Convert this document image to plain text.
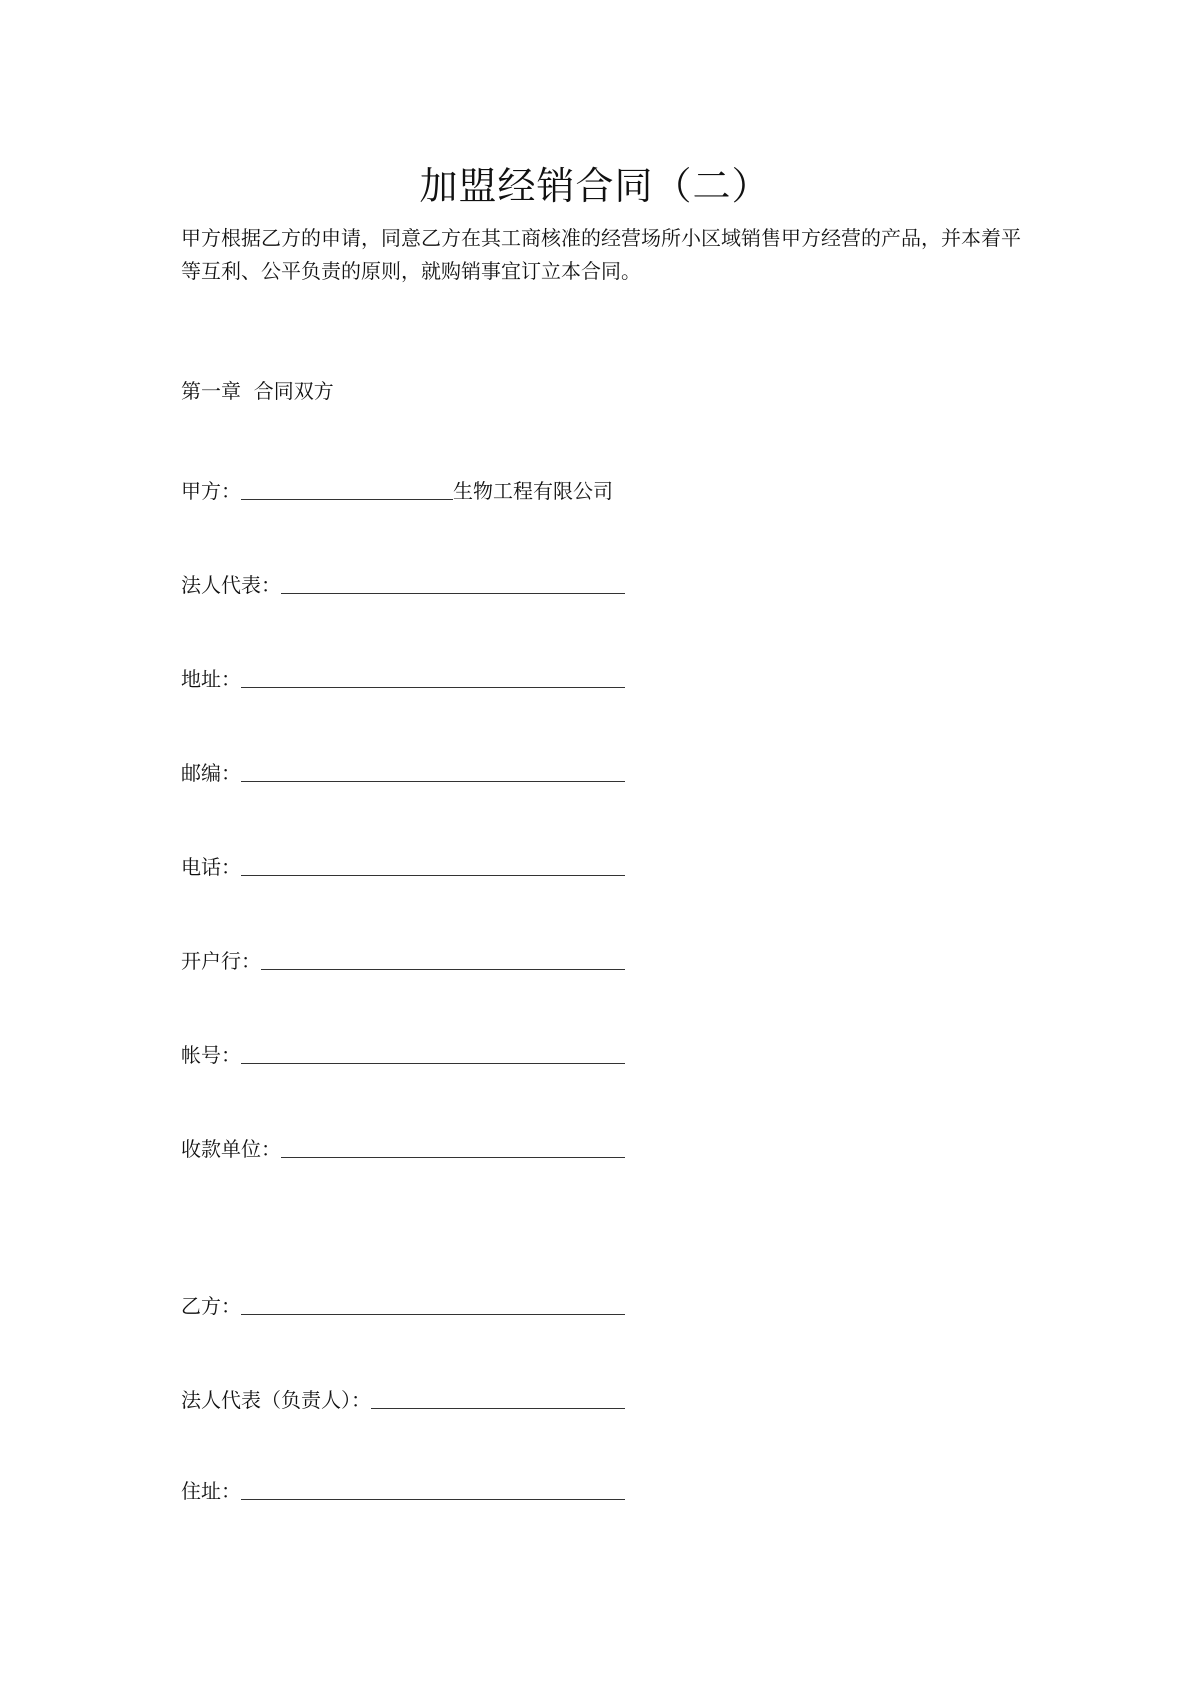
加盟经销合同（二）

甲方根据乙方的申请，同意乙方在其工商核准的经营场所小区域销售甲方经营的产品，并本着平等互利、公平负责的原则，就购销事宜订立本合同。

第一章  合同双方
甲方：	生物工程有限公司
法人代表：
地址：
邮编：
电话：
开户行：
帐号：
收款单位：
乙方：
法人代表（负责人）：
住址：
